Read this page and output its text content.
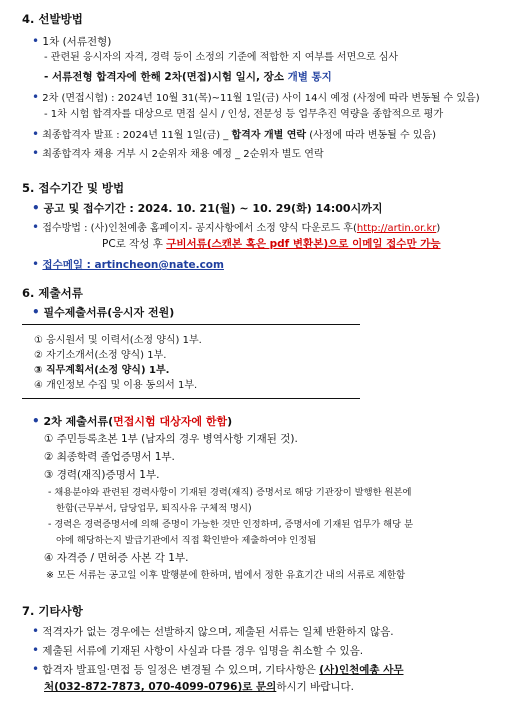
4. 선발방법
• 1차 (서류전형)
- 관련된 응시자의 자격, 경력 등이 소정의 기준에 적합한 지 여부를 서면으로 심사
- 서류전형 합격자에 한해 2차(면접)시험 일시, 장소 개별 통지
• 2차 (면접시험) : 2024년 10월 31(목)~11월 1일(금) 사이 14시 예정 (사정에 따라 변동될 수 있음)
- 1차 시험 합격자를 대상으로 면접 실시 / 인성, 전문성 등 업무추진 역량을 종합적으로 평가
• 최종합격자 발표 : 2024년 11월 1일(금) _ 합격자 개별 연락 (사정에 따라 변동될 수 있음)
• 최종합격자 채용 거부 시 2순위자 채용 예정 _ 2순위자 별도 연락
5. 접수기간 및 방법
• 공고 및 접수기간 : 2024. 10. 21(월) ~ 10. 29(화) 14:00시까지
• 접수방법 : (사)인천예총 홈페이지- 공지사항에서 소정 양식 다운로드 후(http://artin.or.kr)
PC로 작성 후 구비서류(스캔본 혹은 pdf 변환본)으로 이메일 접수만 가능
• 접수메일 : artincheon@nate.com
6. 제출서류
• 필수제출서류(응시자 전원)
① 응시원서 및 이력서(소정 양식) 1부.
② 자기소개서(소정 양식) 1부.
③ 직무계획서(소정 양식) 1부.
④ 개인정보 수집 및 이용 동의서 1부.
• 2차 제출서류(면접시험 대상자에 한함)
① 주민등록초본 1부 (남자의 경우 병역사항 기재된 것).
② 최종학력 졸업증명서 1부.
③ 경력(재직)증명서 1부.
- 채용분야와 관련된 경력사항이 기재된 경력(재직) 증명서로 해당 기관장이 발행한 원본에
한함(근무부서, 담당업무, 퇴직사유 구체적 명시)
- 경력은 경력증명서에 의해 증명이 가능한 것만 인정하며, 증명서에 기재된 업무가 해당 분
야에 해당하는지 발급기관에서 직접 확인받아 제출하여야 인정됨
④ 자격증 / 면허증 사본 각 1부.
※ 모든 서류는 공고일 이후 발행분에 한하며, 법에서 정한 유효기간 내의 서류로 제한함
7. 기타사항
• 적격자가 없는 경우에는 선발하지 않으며, 제출된 서류는 일체 반환하지 않음.
• 제출된 서류에 기재된 사항이 사실과 다를 경우 임명을 취소할 수 있음.
• 합격자 발표일·면접 등 일정은 변경될 수 있으며, 기타사항은 (사)인천예총 사무
처(032-872-7873, 070-4099-0796)로 문의하시기 바랍니다.
